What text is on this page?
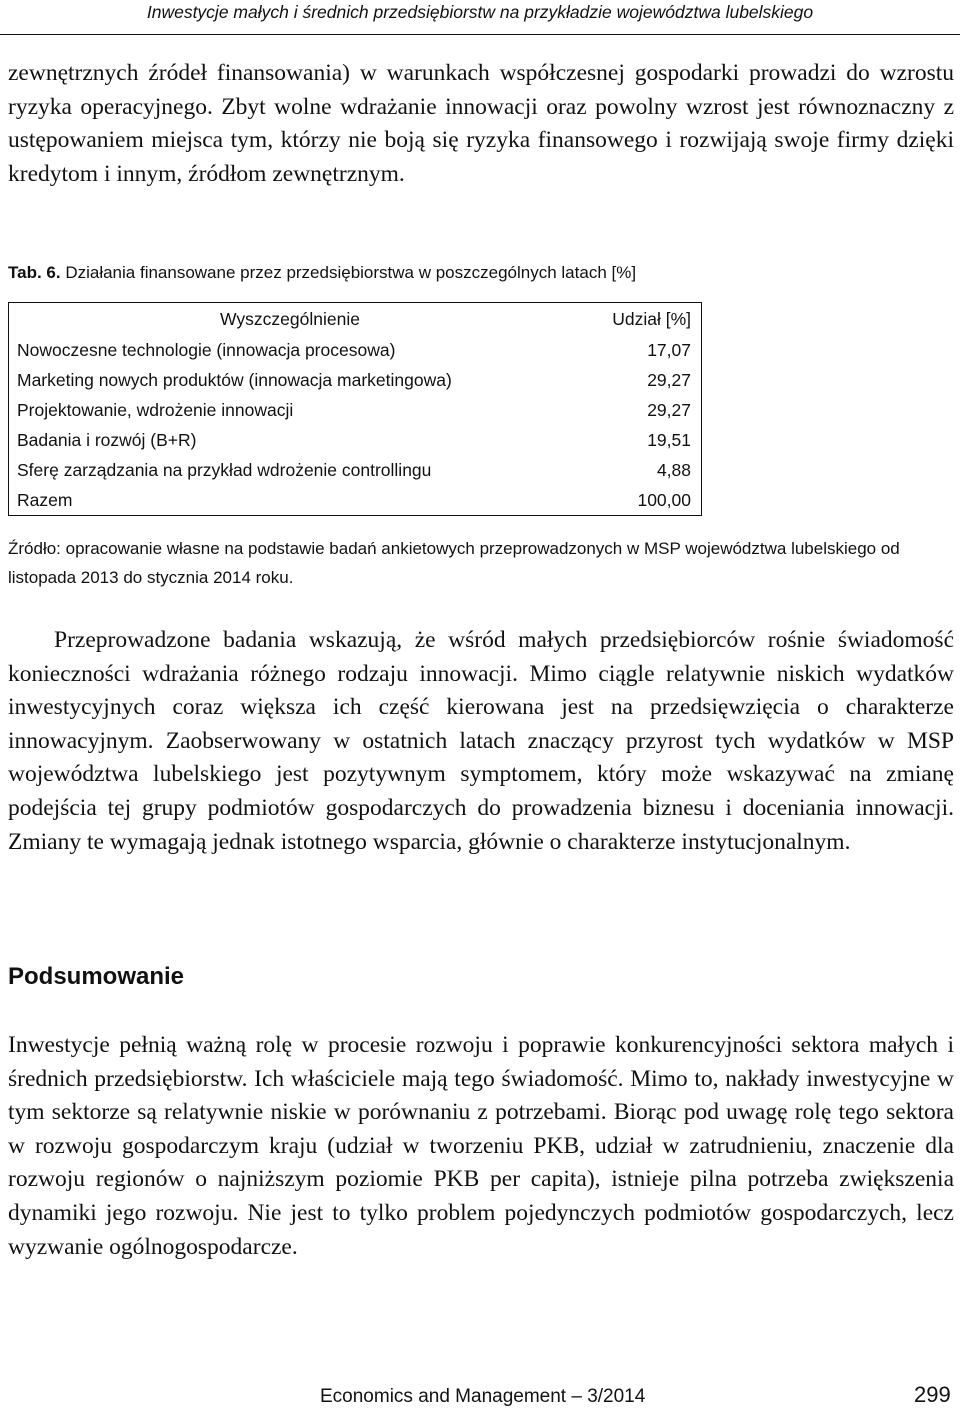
Inwestycje małych i średnich przedsiębiorstw na przykładzie województwa lubelskiego

zewnętrznych źródeł finansowania) w warunkach współczesnej gospodarki prowadzi do wzrostu ryzyka operacyjnego. Zbyt wolne wdrażanie innowacji oraz powolny wzrost jest równoznaczny z ustępowaniem miejsca tym, którzy nie boją się ryzyka finansowego i rozwijają swoje firmy dzięki kredytom i innym, źródłom zewnętrznym.

Tab. 6. Działania finansowane przez przedsiębiorstwa w poszczególnych latach [%]
Wyszczególnienie	Udział [%]
Nowoczesne technologie (innowacja procesowa)	17,07
Marketing nowych produktów (innowacja marketingowa)	29,27
Projektowanie, wdrożenie innowacji	29,27
Badania i rozwój (B+R)	19,51
Sferę zarządzania na przykład wdrożenie controllingu	4,88
Razem	100,00
Źródło: opracowanie własne na podstawie badań ankietowych przeprowadzonych w MSP województwa lubelskiego od listopada 2013 do stycznia 2014 roku.

Przeprowadzone badania wskazują, że wśród małych przedsiębiorców rośnie świadomość konieczności wdrażania różnego rodzaju innowacji. Mimo ciągle relatywnie niskich wydatków inwestycyjnych coraz większa ich część kierowana jest na przedsięwzięcia o charakterze innowacyjnym. Zaobserwowany w ostatnich latach znaczący przyrost tych wydatków w MSP województwa lubelskiego jest pozytywnym symptomem, który może wskazywać na zmianę podejścia tej grupy podmiotów gospodarczych do prowadzenia biznesu i doceniania innowacji. Zmiany te wymagają jednak istotnego wsparcia, głównie o charakterze instytucjonalnym.

Podsumowanie

Inwestycje pełnią ważną rolę w procesie rozwoju i poprawie konkurencyjności sektora małych i średnich przedsiębiorstw. Ich właściciele mają tego świadomość. Mimo to, nakłady inwestycyjne w tym sektorze są relatywnie niskie w porównaniu z potrzebami. Biorąc pod uwagę rolę tego sektora w rozwoju gospodarczym kraju (udział w tworzeniu PKB, udział w zatrudnieniu, znaczenie dla rozwoju regionów o najniższym poziomie PKB per capita), istnieje pilna potrzeba zwiększenia dynamiki jego rozwoju. Nie jest to tylko problem pojedynczych podmiotów gospodarczych, lecz wyzwanie ogólnogospodarcze.

Economics and Management – 3/2014	299
